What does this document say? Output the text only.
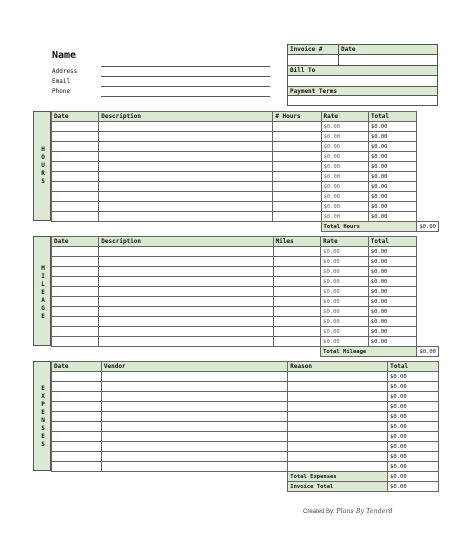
Name
Address
Email
Phone
Invoice #	Date
Bill To
Payment Terms
H
O
U
R
S
Date	Description	# Hours	Rate	Total	
			$0.00	$0.00	
			$0.00	$0.00	
			$0.00	$0.00	
			$0.00	$0.00	
			$0.00	$0.00	
			$0.00	$0.00	
			$0.00	$0.00	
			$0.00	$0.00	
			$0.00	$0.00	
			$0.00	$0.00	
			Total Hours		$0.00
M
I
L
E
A
G
E
Date	Description	Miles	Rate	Total	
			$0.00	$0.00	
			$0.00	$0.00	
			$0.00	$0.00	
			$0.00	$0.00	
			$0.00	$0.00	
			$0.00	$0.00	
			$0.00	$0.00	
			$0.00	$0.00	
			$0.00	$0.00	
			$0.00	$0.00	
			Total Mileage		$0.00
E
X
P
E
N
S
E
S
Date	Vendor	Reason	Total
			$0.00
			$0.00
			$0.00
			$0.00
			$0.00
			$0.00
			$0.00
			$0.00
			$0.00
			$0.00
		Total Expenses	$0.00
		Invoice Total	$0.00
Created By: Plans By Tenderd
